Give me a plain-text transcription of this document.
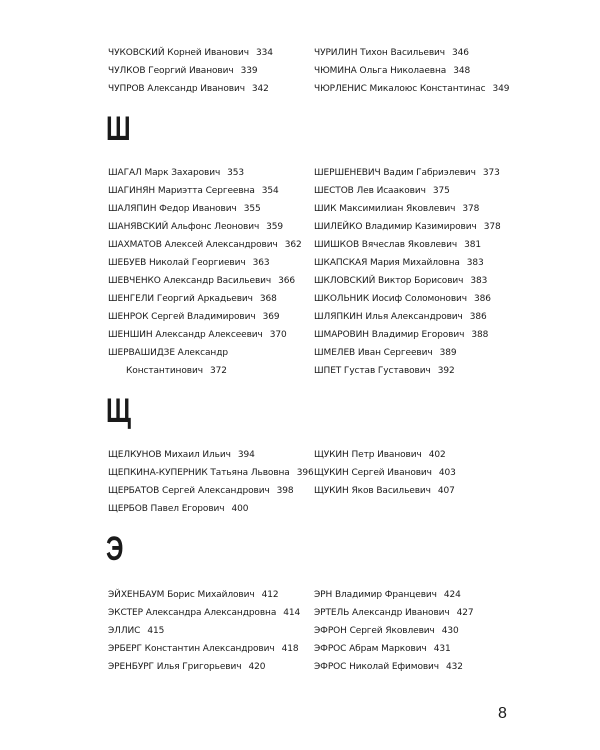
ЧУКОВСКИЙ Корней Иванович 334
ЧУЛКОВ Георгий Иванович 339
ЧУПРОВ Александр Иванович 342
ЧУРИЛИН Тихон Васильевич 346
ЧЮМИНА Ольга Николаевна 348
ЧЮРЛЕНИС Микалоюс Константинас 349
Ш
ШАГАЛ Марк Захарович 353
ШАГИНЯН Мариэтта Сергеевна 354
ШАЛЯПИН Федор Иванович 355
ШАНЯВСКИЙ Альфонс Леонович 359
ШАХМАТОВ Алексей Александрович 362
ШЕБУЕВ Николай Георгиевич 363
ШЕВЧЕНКО Александр Васильевич 366
ШЕНГЕЛИ Георгий Аркадьевич 368
ШЕНРОК Сергей Владимирович 369
ШЕНШИН Александр Алексеевич 370
ШЕРВАШИДЗЕ Александр
Константинович 372
ШЕРШЕНЕВИЧ Вадим Габриэлевич 373
ШЕСТОВ Лев Исаакович 375
ШИК Максимилиан Яковлевич 378
ШИЛЕЙКО Владимир Казимирович 378
ШИШКОВ Вячеслав Яковлевич 381
ШКАПСКАЯ Мария Михайловна 383
ШКЛОВСКИЙ Виктор Борисович 383
ШКОЛЬНИК Иосиф Соломонович 386
ШЛЯПКИН Илья Александрович 386
ШМАРОВИН Владимир Егорович 388
ШМЕЛЕВ Иван Сергеевич 389
ШПЕТ Густав Густавович 392
Щ
ЩЕЛКУНОВ Михаил Ильич 394
ЩЕПКИНА-КУПЕРНИК Татьяна Львовна 396
ЩЕРБАТОВ Сергей Александрович 398
ЩЕРБОВ Павел Егорович 400
ЩУКИН Петр Иванович 402
ЩУКИН Сергей Иванович 403
ЩУКИН Яков Васильевич 407
Э
ЭЙХЕНБАУМ Борис Михайлович 412
ЭКСТЕР Александра Александровна 414
ЭЛЛИС 415
ЭРБЕРГ Константин Александрович 418
ЭРЕНБУРГ Илья Григорьевич 420
ЭРН Владимир Францевич 424
ЭРТЕЛЬ Александр Иванович 427
ЭФРОН Сергей Яковлевич 430
ЭФРОС Абрам Маркович 431
ЭФРОС Николай Ефимович 432
8
